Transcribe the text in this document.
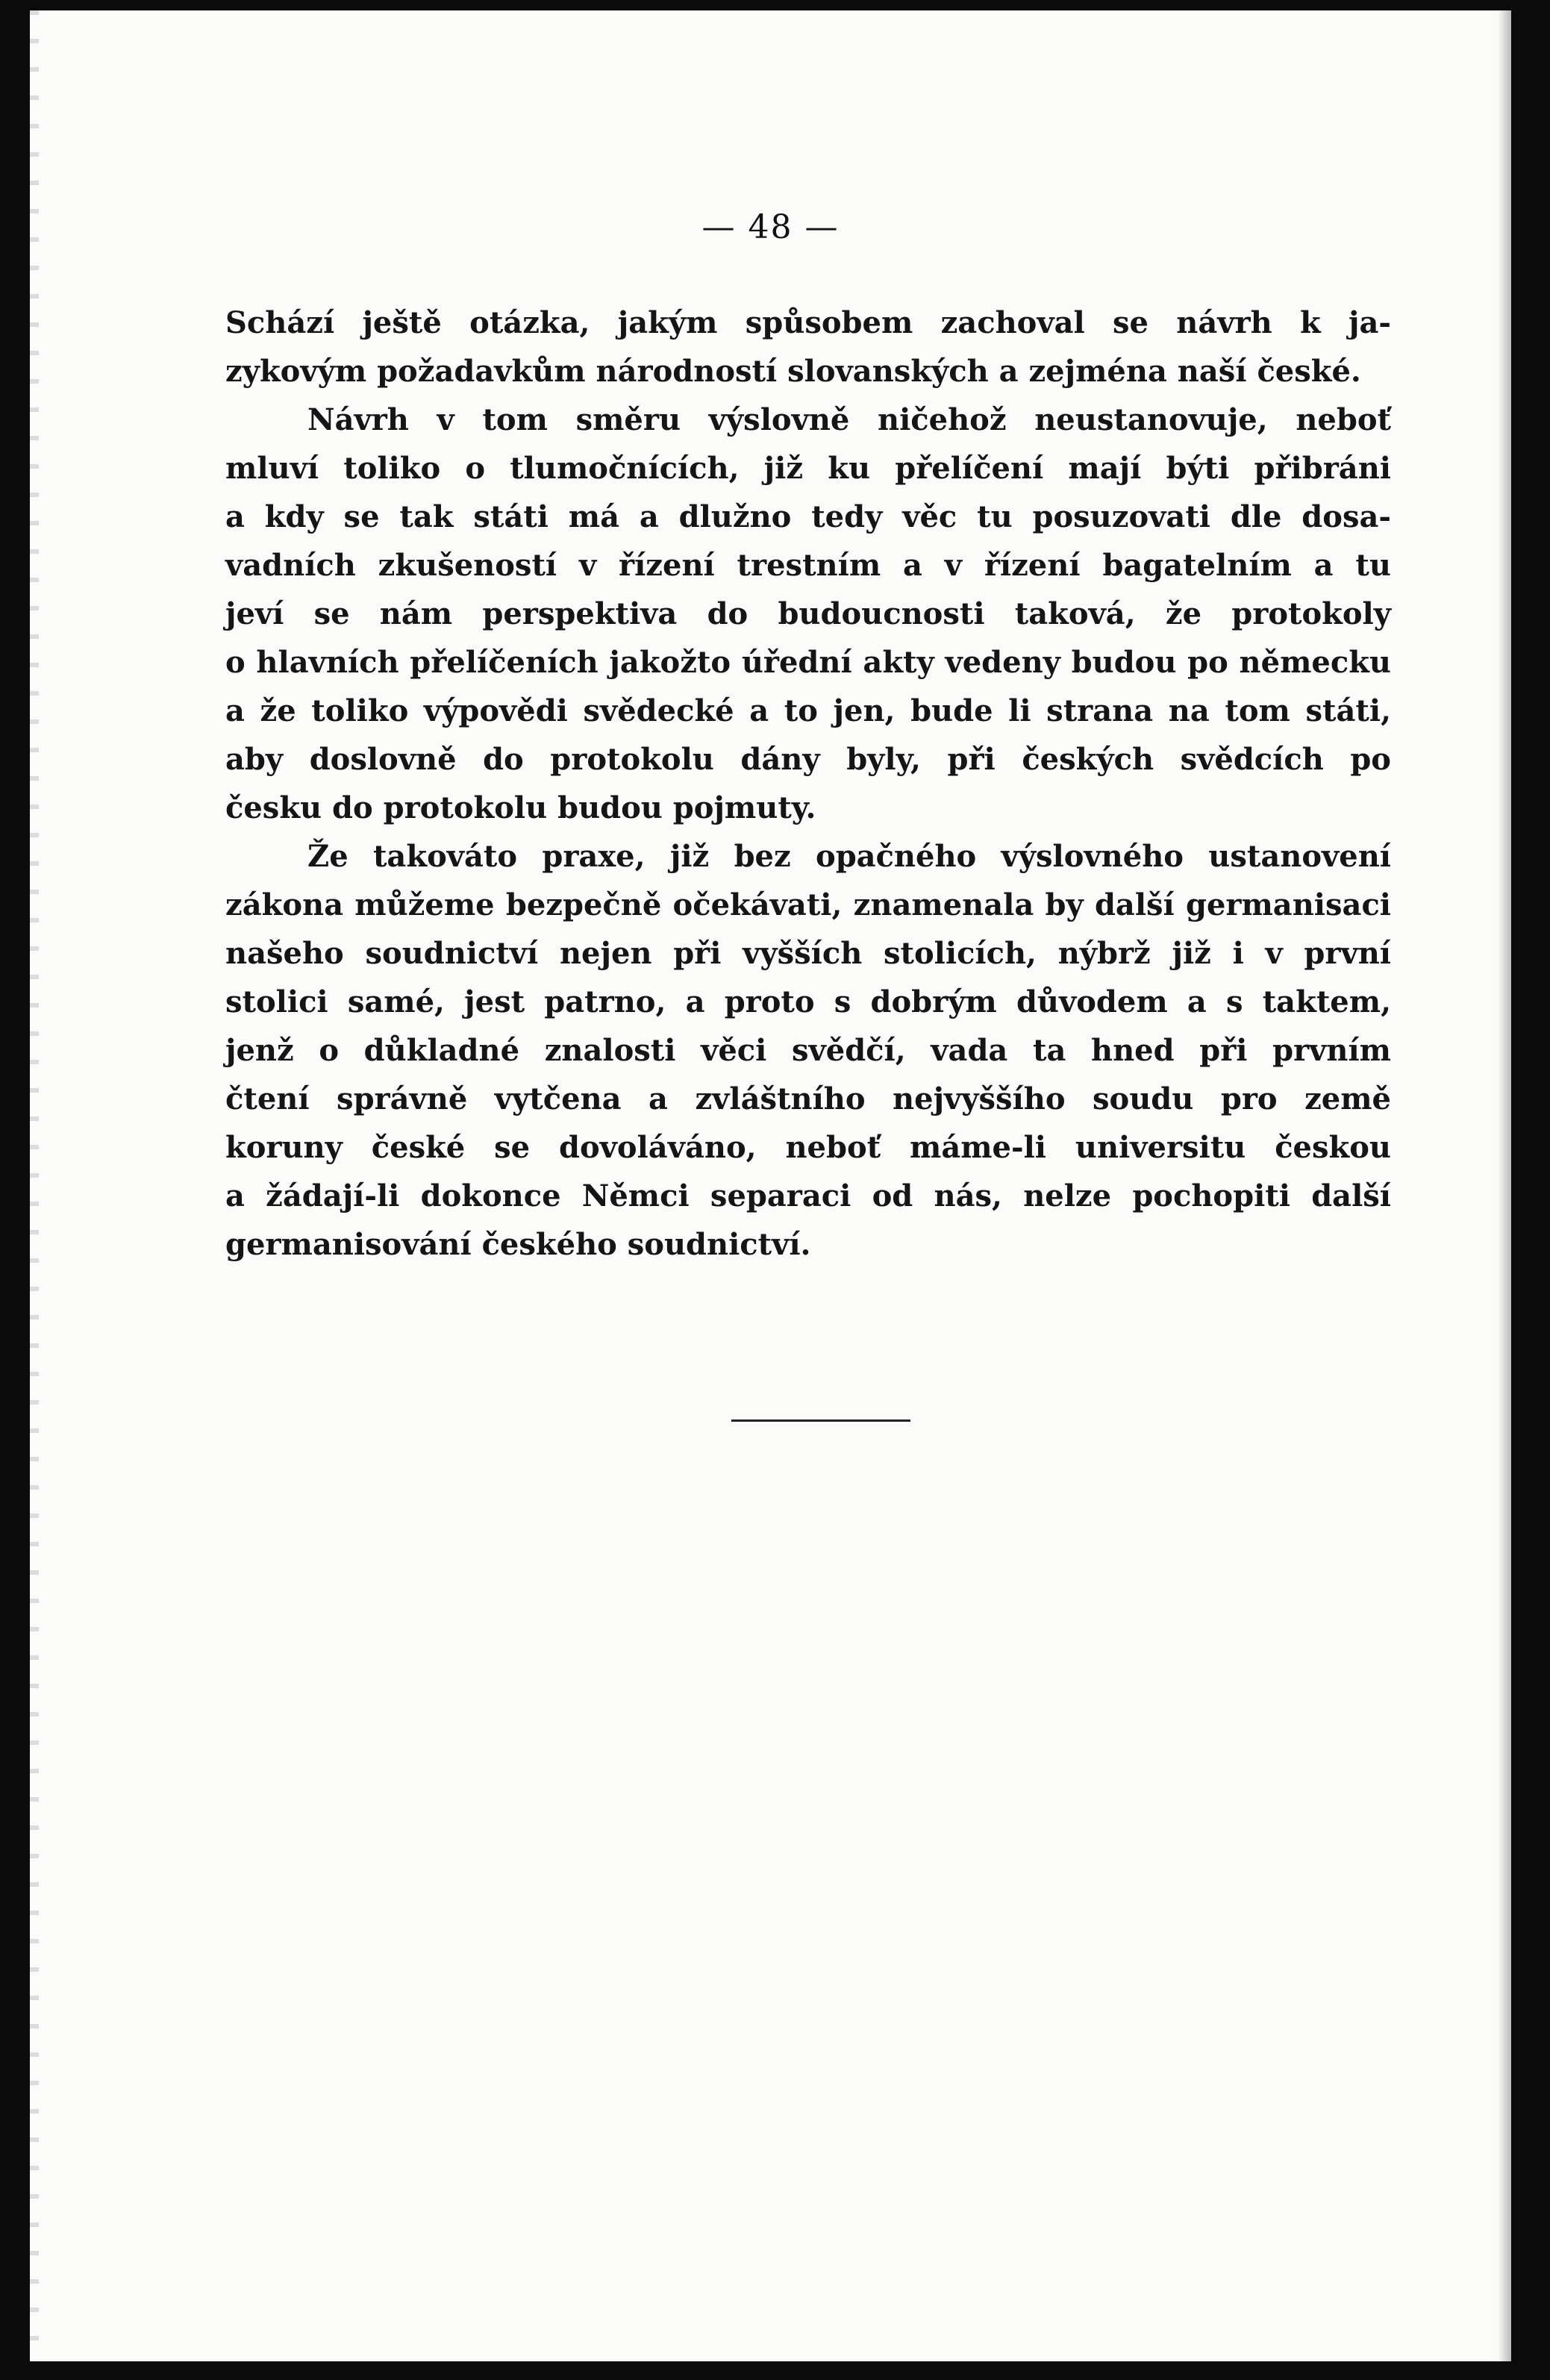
— 48 —
Schází ještě otázka, jakým spůsobem zachoval se návrh k ja-
zykovým požadavkům národností slovanských a zejména naší české.
Návrh v tom směru výslovně ničehož neustanovuje, neboť
mluví toliko o tlumočnících, již ku přelíčení mají býti přibráni
a kdy se tak státi má a dlužno tedy věc tu posuzovati dle dosa-
vadních zkušeností v řízení trestním a v řízení bagatelním a tu
jeví se nám perspektiva do budoucnosti taková, že protokoly
o hlavních přelíčeních jakožto úřední akty vedeny budou po německu
a že toliko výpovědi svědecké a to jen, bude li strana na tom státi,
aby doslovně do protokolu dány byly, při českých svědcích po
česku do protokolu budou pojmuty.
Že takováto praxe, již bez opačného výslovného ustanovení
zákona můžeme bezpečně očekávati, znamenala by další germanisaci
našeho soudnictví nejen při vyšších stolicích, nýbrž již i v první
stolici samé, jest patrno, a proto s dobrým důvodem a s taktem,
jenž o důkladné znalosti věci svědčí, vada ta hned při prvním
čtení správně vytčena a zvláštního nejvyššího soudu pro země
koruny české se dovoláváno, neboť máme-li universitu českou
a žádají-li dokonce Němci separaci od nás, nelze pochopiti další
germanisování českého soudnictví.
